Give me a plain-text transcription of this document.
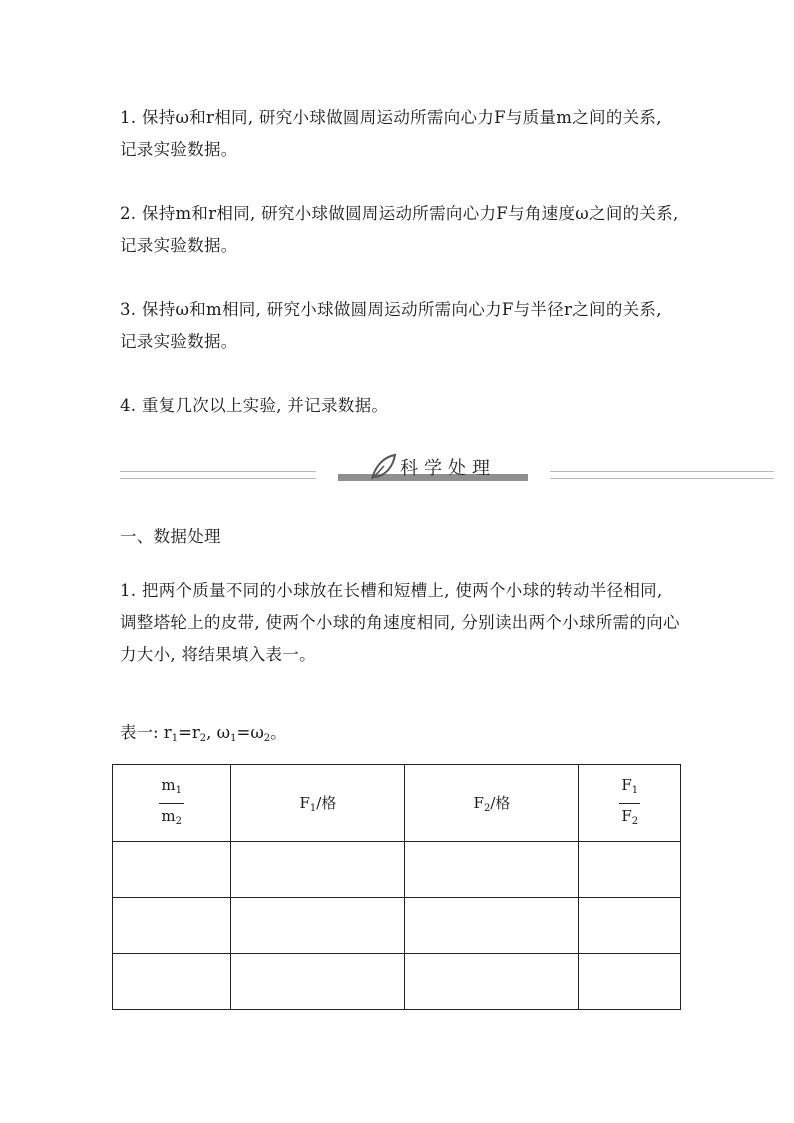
1. 保持ω和r相同, 研究小球做圆周运动所需向心力F与质量m之间的关系, 记录实验数据。
2. 保持m和r相同, 研究小球做圆周运动所需向心力F与角速度ω之间的关系, 记录实验数据。
3. 保持ω和m相同, 研究小球做圆周运动所需向心力F与半径r之间的关系, 记录实验数据。
4. 重复几次以上实验, 并记录数据。
科学处理
一、数据处理
1. 把两个质量不同的小球放在长槽和短槽上, 使两个小球的转动半径相同, 调整塔轮上的皮带, 使两个小球的角速度相同, 分别读出两个小球所需的向心力大小, 将结果填入表一。
表一: $r_1=r_2$, $\omega_1=\omega_2$。
$\frac{m_1}{m_2}$	$F_1/$格	$F_2/$格	$\frac{F_1}{F_2}$
